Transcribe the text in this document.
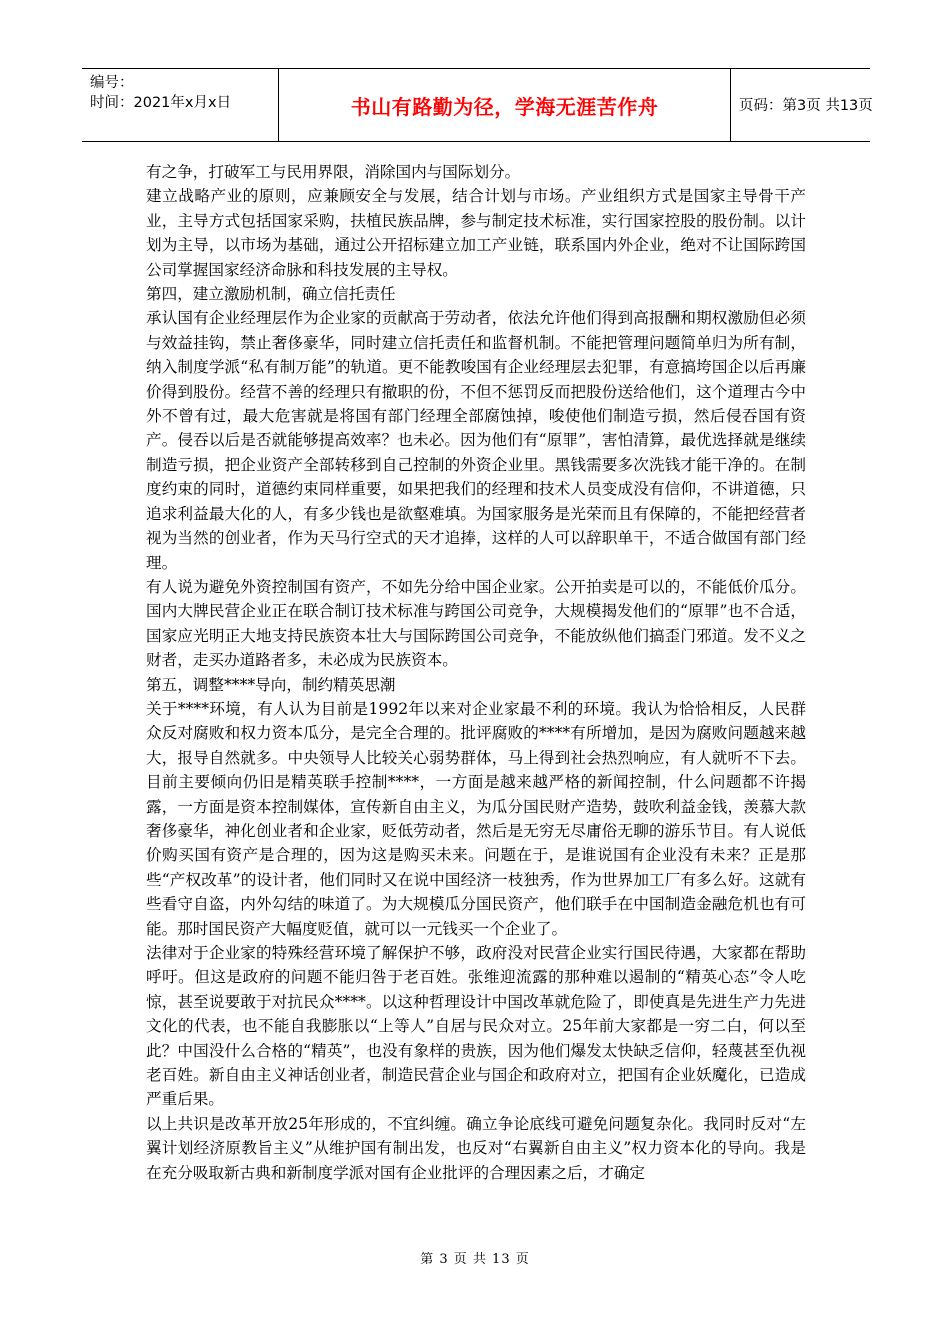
编号：
时间：2021年x月x日	书山有路勤为径，学海无涯苦作舟	页码：第3页 共13页

有之争，打破军工与民用界限，消除国内与国际划分。

建立战略产业的原则，应兼顾安全与发展，结合计划与市场。产业组织方式是国家主导骨干产业，主导方式包括国家采购，扶植民族品牌，参与制定技术标准，实行国家控股的股份制。以计划为主导，以市场为基础，通过公开招标建立加工产业链，联系国内外企业，绝对不让国际跨国公司掌握国家经济命脉和科技发展的主导权。

第四，建立激励机制，确立信托责任

承认国有企业经理层作为企业家的贡献高于劳动者，依法允许他们得到高报酬和期权激励但必须与效益挂钩，禁止奢侈豪华，同时建立信托责任和监督机制。不能把管理问题简单归为所有制，纳入制度学派“私有制万能”的轨道。更不能教唆国有企业经理层去犯罪，有意搞垮国企以后再廉价得到股份。经营不善的经理只有撤职的份，不但不惩罚反而把股份送给他们，这个道理古今中外不曾有过，最大危害就是将国有部门经理全部腐蚀掉，唆使他们制造亏损，然后侵吞国有资产。侵吞以后是否就能够提高效率？也未必。因为他们有“原罪”，害怕清算，最优选择就是继续制造亏损，把企业资产全部转移到自己控制的外资企业里。黑钱需要多次洗钱才能干净的。在制度约束的同时，道德约束同样重要，如果把我们的经理和技术人员变成没有信仰，不讲道德，只追求利益最大化的人，有多少钱也是欲壑难填。为国家服务是光荣而且有保障的，不能把经营者视为当然的创业者，作为天马行空式的天才追捧，这样的人可以辞职单干，不适合做国有部门经理。

有人说为避免外资控制国有资产，不如先分给中国企业家。公开拍卖是可以的，不能低价瓜分。国内大牌民营企业正在联合制订技术标准与跨国公司竞争，大规模揭发他们的“原罪”也不合适，国家应光明正大地支持民族资本壮大与国际跨国公司竞争，不能放纵他们搞歪门邪道。发不义之财者，走买办道路者多，未必成为民族资本。

第五，调整****导向，制约精英思潮

关于****环境，有人认为目前是1992年以来对企业家最不利的环境。我认为恰恰相反，人民群众反对腐败和权力资本瓜分，是完全合理的。批评腐败的****有所增加，是因为腐败问题越来越大，报导自然就多。中央领导人比较关心弱势群体，马上得到社会热烈响应，有人就听不下去。目前主要倾向仍旧是精英联手控制****，一方面是越来越严格的新闻控制，什么问题都不许揭露，一方面是资本控制媒体，宣传新自由主义，为瓜分国民财产造势，鼓吹利益金钱，羡慕大款奢侈豪华，神化创业者和企业家，贬低劳动者，然后是无穷无尽庸俗无聊的游乐节目。有人说低价购买国有资产是合理的，因为这是购买未来。问题在于，是谁说国有企业没有未来？正是那些“产权改革”的设计者，他们同时又在说中国经济一枝独秀，作为世界加工厂有多么好。这就有些看守自盗，内外勾结的味道了。为大规模瓜分国民资产，他们联手在中国制造金融危机也有可能。那时国民资产大幅度贬值，就可以一元钱买一个企业了。

法律对于企业家的特殊经营环境了解保护不够，政府没对民营企业实行国民待遇，大家都在帮助呼吁。但这是政府的问题不能归咎于老百姓。张维迎流露的那种难以遏制的“精英心态”令人吃惊，甚至说要敢于对抗民众****。以这种哲理设计中国改革就危险了，即使真是先进生产力先进文化的代表，也不能自我膨胀以“上等人”自居与民众对立。25年前大家都是一穷二白，何以至此？中国没什么合格的“精英”，也没有象样的贵族，因为他们爆发太快缺乏信仰，轻蔑甚至仇视老百姓。新自由主义神话创业者，制造民营企业与国企和政府对立，把国有企业妖魔化，已造成严重后果。

以上共识是改革开放25年形成的，不宜纠缠。确立争论底线可避免问题复杂化。我同时反对“左翼计划经济原教旨主义”从维护国有制出发，也反对“右翼新自由主义”权力资本化的导向。我是在充分吸取新古典和新制度学派对国有企业批评的合理因素之后，才确定

第 3 页 共 13 页
